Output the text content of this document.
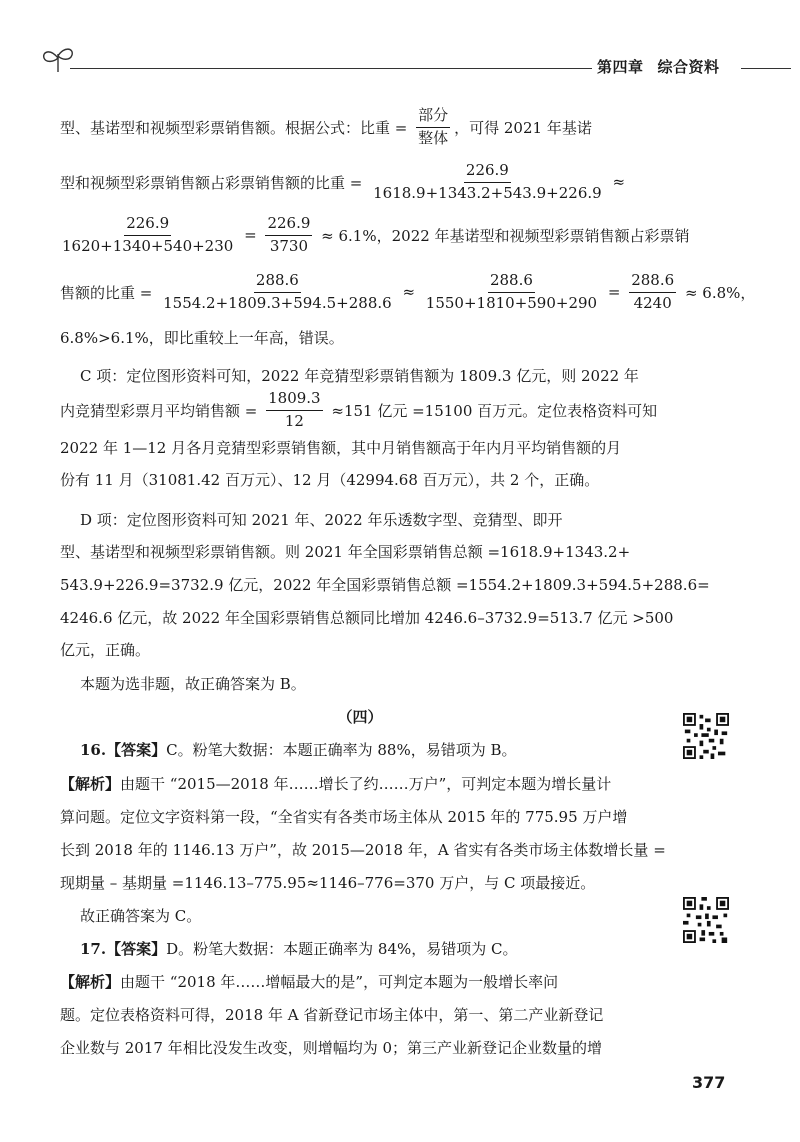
第四章 综合资料
型、基诺型和视频型彩票销售额。根据公式：比重 = $\frac{\text{部分}}{\text{整体}}$ ，可得 2021 年基诺
型和视频型彩票销售额占彩票销售额的比重 = $\frac{226.9}{1618.9+1343.2+543.9+226.9}$ ≈
$\frac{226.9}{1620+1340+540+230} = \frac{226.9}{3730} \approx 6.1\%$，2022 年基诺型和视频型彩票销售额占彩票销
售额的比重 = $\frac{288.6}{1554.2+1809.3+594.5+288.6} \approx \frac{288.6}{1550+1810+590+290} = \frac{288.6}{4240} \approx 6.8\%$，
6.8%>6.1%，即比重较上一年高，错误。
C 项：定位图形资料可知，2022 年竞猜型彩票销售额为 1809.3 亿元，则 2022 年
内竞猜型彩票月平均销售额 = $\frac{1809.3}{12} \approx 151$ 亿元 =15100 百万元。定位表格资料可知
2022 年 1—12 月各月竞猜型彩票销售额，其中月销售额高于年内月平均销售额的月
份有 11 月（31081.42 百万元）、12 月（42994.68 百万元），共 2 个，正确。
D 项：定位图形资料可知 2021 年、2022 年乐透数字型、竞猜型、即开
型、基诺型和视频型彩票销售额。则 2021 年全国彩票销售总额 =1618.9+1343.2+
543.9+226.9=3732.9 亿元，2022 年全国彩票销售总额 =1554.2+1809.3+594.5+288.6=
4246.6 亿元，故 2022 年全国彩票销售总额同比增加 4246.6–3732.9=513.7 亿元 >500
亿元，正确。
本题为选非题，故正确答案为 B。
（四）
16.【答案】 C。粉笔大数据：本题正确率为 88%，易错项为 B。
【解析】 由题干 “2015—2018 年……增长了约……万户”，可判定本题为增长量计
算问题。定位文字资料第一段，“全省实有各类市场主体从 2015 年的 775.95 万户增
长到 2018 年的 1146.13 万户”，故 2015—2018 年，A 省实有各类市场主体数增长量 =
现期量 – 基期量 =1146.13–775.95≈1146–776=370 万户，与 C 项最接近。
故正确答案为 C。
17.【答案】 D。粉笔大数据：本题正确率为 84%，易错项为 C。
【解析】 由题干 “2018 年……增幅最大的是”，可判定本题为一般增长率问
题。定位表格资料可得，2018 年 A 省新登记市场主体中，第一、第二产业新登记
企业数与 2017 年相比没发生改变，则增幅均为 0；第三产业新登记企业数量的增
377
